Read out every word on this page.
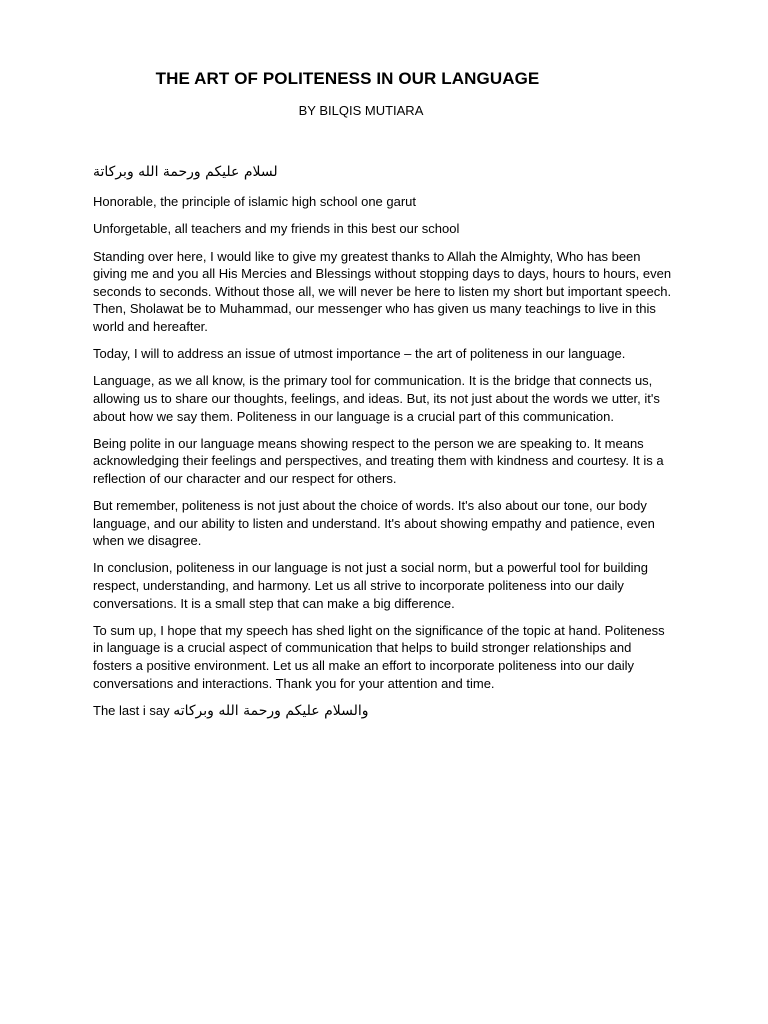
THE ART OF POLITENESS IN OUR LANGUAGE
BY BILQIS MUTIARA

لسلام عليكم ورحمة الله وبركاتة

Honorable, the principle of islamic high school one garut

Unforgetable, all teachers and my friends in this best our school

Standing over here, I would like to give my greatest thanks to Allah the Almighty, Who has been giving me and you all His Mercies and Blessings without stopping days to days, hours to hours, even seconds to seconds. Without those all, we will never be here to listen my short but important speech. Then, Sholawat be to Muhammad, our messenger who has given us many teachings to live in this world and hereafter.

Today, I will to address an issue of utmost importance – the art of politeness in our language.

Language, as we all know, is the primary tool for communication. It is the bridge that connects us, allowing us to share our thoughts, feelings, and ideas. But, its not just about the words we utter, it's about how we say them. Politeness in our language is a crucial part of this communication.

Being polite in our language means showing respect to the person we are speaking to. It means acknowledging their feelings and perspectives, and treating them with kindness and courtesy. It is a reflection of our character and our respect for others.

But remember, politeness is not just about the choice of words. It's also about our tone, our body language, and our ability to listen and understand. It's about showing empathy and patience, even when we disagree.

In conclusion, politeness in our language is not just a social norm, but a powerful tool for building respect, understanding, and harmony. Let us all strive to incorporate politeness into our daily conversations. It is a small step that can make a big difference.

To sum up, I hope that my speech has shed light on the significance of the topic at hand. Politeness in language is a crucial aspect of communication that helps to build stronger relationships and fosters a positive environment. Let us all make an effort to incorporate politeness into our daily conversations and interactions. Thank you for your attention and time.

The last i say والسلام عليكم ورحمة الله وبركاته
